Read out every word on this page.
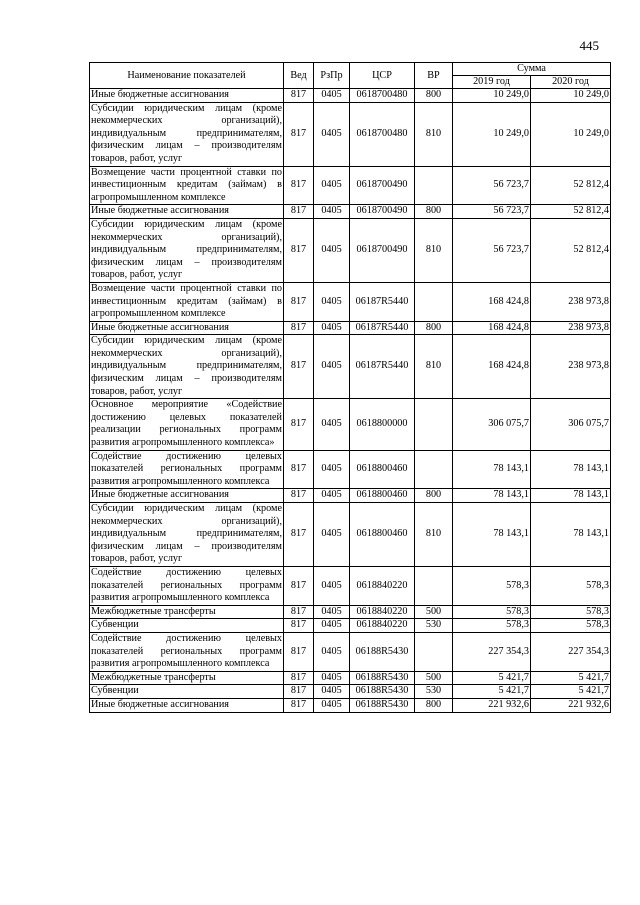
445
Наименование показателей	Вед	РзПр	ЦСР	ВР	Сумма	
					2019 год	2020 год
Иные бюджетные ассигнования	817	0405	0618700480	800	10 249,0	10 249,0
Субсидии юридическим лицам (кроме некоммерческих организаций), индивидуальным предпринимателям, физическим лицам – производителям товаров, работ, услуг	817	0405	0618700480	810	10 249,0	10 249,0
Возмещение части процентной ставки по инвестиционным кредитам (займам) в агропромышленном комплексе	817	0405	0618700490		56 723,7	52 812,4
Иные бюджетные ассигнования	817	0405	0618700490	800	56 723,7	52 812,4
Субсидии юридическим лицам (кроме некоммерческих организаций), индивидуальным предпринимателям, физическим лицам – производителям товаров, работ, услуг	817	0405	0618700490	810	56 723,7	52 812,4
Возмещение части процентной ставки по инвестиционным кредитам (займам) в агропромышленном комплексе	817	0405	06187R5440		168 424,8	238 973,8
Иные бюджетные ассигнования	817	0405	06187R5440	800	168 424,8	238 973,8
Субсидии юридическим лицам (кроме некоммерческих организаций), индивидуальным предпринимателям, физическим лицам – производителям товаров, работ, услуг	817	0405	06187R5440	810	168 424,8	238 973,8
Основное мероприятие «Содействие достижению целевых показателей реализации региональных программ развития агропромышленного комплекса»	817	0405	0618800000		306 075,7	306 075,7
Содействие достижению целевых показателей региональных программ развития агропромышленного комплекса	817	0405	0618800460		78 143,1	78 143,1
Иные бюджетные ассигнования	817	0405	0618800460	800	78 143,1	78 143,1
Субсидии юридическим лицам (кроме некоммерческих организаций), индивидуальным предпринимателям, физическим лицам – производителям товаров, работ, услуг	817	0405	0618800460	810	78 143,1	78 143,1
Содействие достижению целевых показателей региональных программ развития агропромышленного комплекса	817	0405	0618840220		578,3	578,3
Межбюджетные трансферты	817	0405	0618840220	500	578,3	578,3
Субвенции	817	0405	0618840220	530	578,3	578,3
Содействие достижению целевых показателей региональных программ развития агропромышленного комплекса	817	0405	06188R5430		227 354,3	227 354,3
Межбюджетные трансферты	817	0405	06188R5430	500	5 421,7	5 421,7
Субвенции	817	0405	06188R5430	530	5 421,7	5 421,7
Иные бюджетные ассигнования	817	0405	06188R5430	800	221 932,6	221 932,6
